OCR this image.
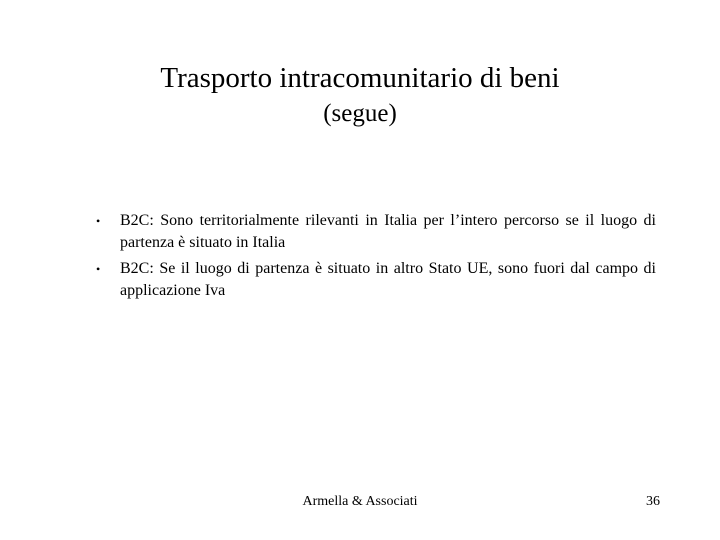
Trasporto intracomunitario di beni
(segue)
• B2C: Sono territorialmente rilevanti in Italia per l’intero percorso se il luogo di partenza è situato in Italia
• B2C: Se il luogo di partenza è situato in altro Stato UE, sono fuori dal campo di applicazione Iva
Armella & Associati	36
